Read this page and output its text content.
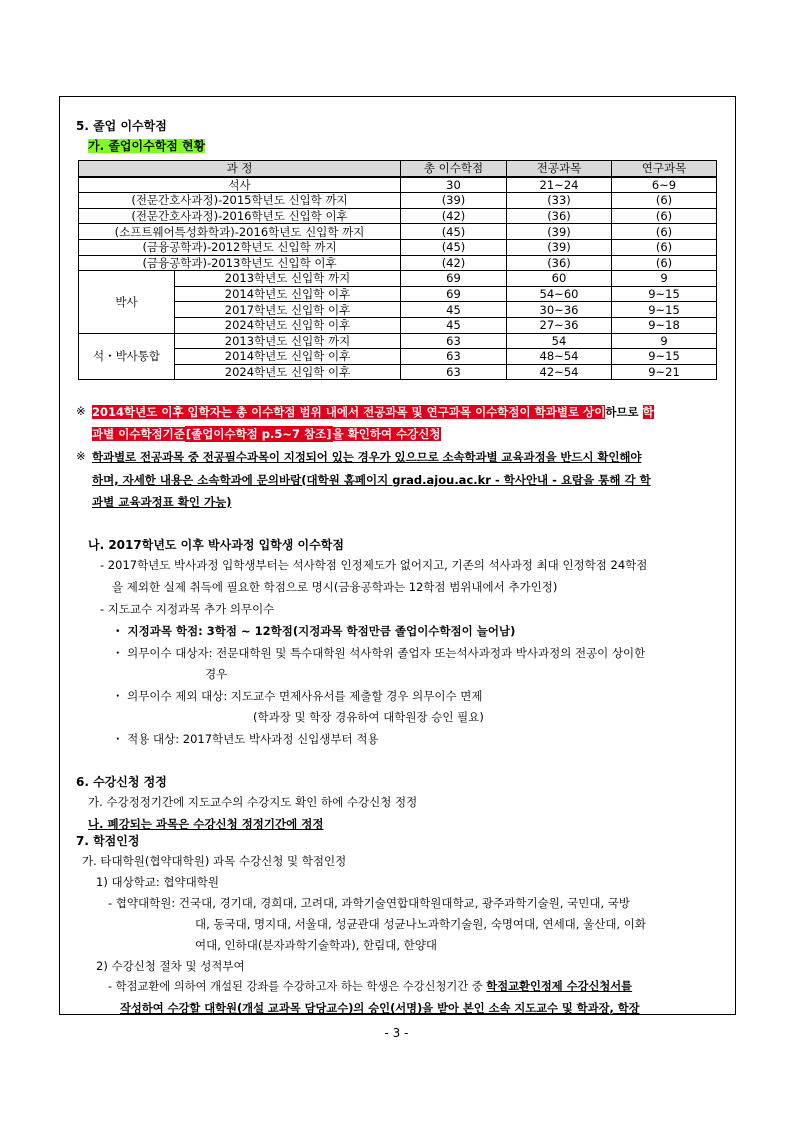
5. 졸업 이수학점
가. 졸업이수학점 현황
과 정		총 이수학점	전공과목	연구과목
석사		30	21~24	6~9
(전문간호사과정)-2015학년도 신입학 까지		(39)	(33)	(6)
(전문간호사과정)-2016학년도 신입학 이후		(42)	(36)	(6)
(소프트웨어특성화학과)-2016학년도 신입학 까지		(45)	(39)	(6)
(금융공학과)-2012학년도 신입학 까지		(45)	(39)	(6)
(금융공학과)-2013학년도 신입학 이후		(42)	(36)	(6)
박사	2013학년도 신입학 까지	69	60	9
	2014학년도 신입학 이후	69	54~60	9~15
	2017학년도 신입학 이후	45	30~36	9~15
	2024학년도 신입학 이후	45	27~36	9~18
석・박사통합	2013학년도 신입학 까지	63	54	9
	2014학년도 신입학 이후	63	48~54	9~15
	2024학년도 신입학 이후	63	42~54	9~21
※ 2014학년도 이후 입학자는 총 이수학점 범위 내에서 전공과목 및 연구과목 이수학점이 학과별로 상이하므로 학
과별 이수학점기준[졸업이수학점 p.5~7 참조]을 확인하여 수강신청
※ 학과별로 전공과목 중 전공필수과목이 지정되어 있는 경우가 있으므로 소속학과별 교육과정을 반드시 확인해야
하며, 자세한 내용은 소속학과에 문의바람(대학원 홈페이지 grad.ajou.ac.kr - 학사안내 - 요람을 통해 각 학
과별 교육과정표 확인 가능)
나. 2017학년도 이후 박사과정 입학생 이수학점
- 2017학년도 박사과정 입학생부터는 석사학점 인정제도가 없어지고, 기존의 석사과정 최대 인정학점 24학점
을 제외한 실제 취득에 필요한 학점으로 명시(금융공학과는 12학점 범위내에서 추가인정)
- 지도교수 지정과목 추가 의무이수
・ 지정과목 학점: 3학점 ~ 12학점(지정과목 학점만큼 졸업이수학점이 늘어남)
・ 의무이수 대상자: 전문대학원 및 특수대학원 석사학위 졸업자 또는석사과정과 박사과정의 전공이 상이한
경우
・ 의무이수 제외 대상: 지도교수 면제사유서를 제출할 경우 의무이수 면제
(학과장 및 학장 경유하여 대학원장 승인 필요)
・ 적용 대상: 2017학년도 박사과정 신입생부터 적용
6. 수강신청 정정
가. 수강정정기간에 지도교수의 수강지도 확인 하에 수강신청 정정
나. 폐강되는 과목은 수강신청 정정기간에 정정
7. 학점인정
가. 타대학원(협약대학원) 과목 수강신청 및 학점인정
1) 대상학교: 협약대학원
- 협약대학원: 건국대, 경기대, 경희대, 고려대, 과학기술연합대학원대학교, 광주과학기술원, 국민대, 국방
대, 동국대, 명지대, 서울대, 성균관대 성균나노과학기술원, 숙명여대, 연세대, 울산대, 이화
여대, 인하대(분자과학기술학과), 한림대, 한양대
2) 수강신청 절차 및 성적부여
- 학점교환에 의하여 개설된 강좌를 수강하고자 하는 학생은 수강신청기간 중 학점교환인정제 수강신청서를
작성하여 수강할 대학원(개설 교과목 담당교수)의 승인(서명)을 받아 본인 소속 지도교수 및 학과장, 학장
- 3 -
